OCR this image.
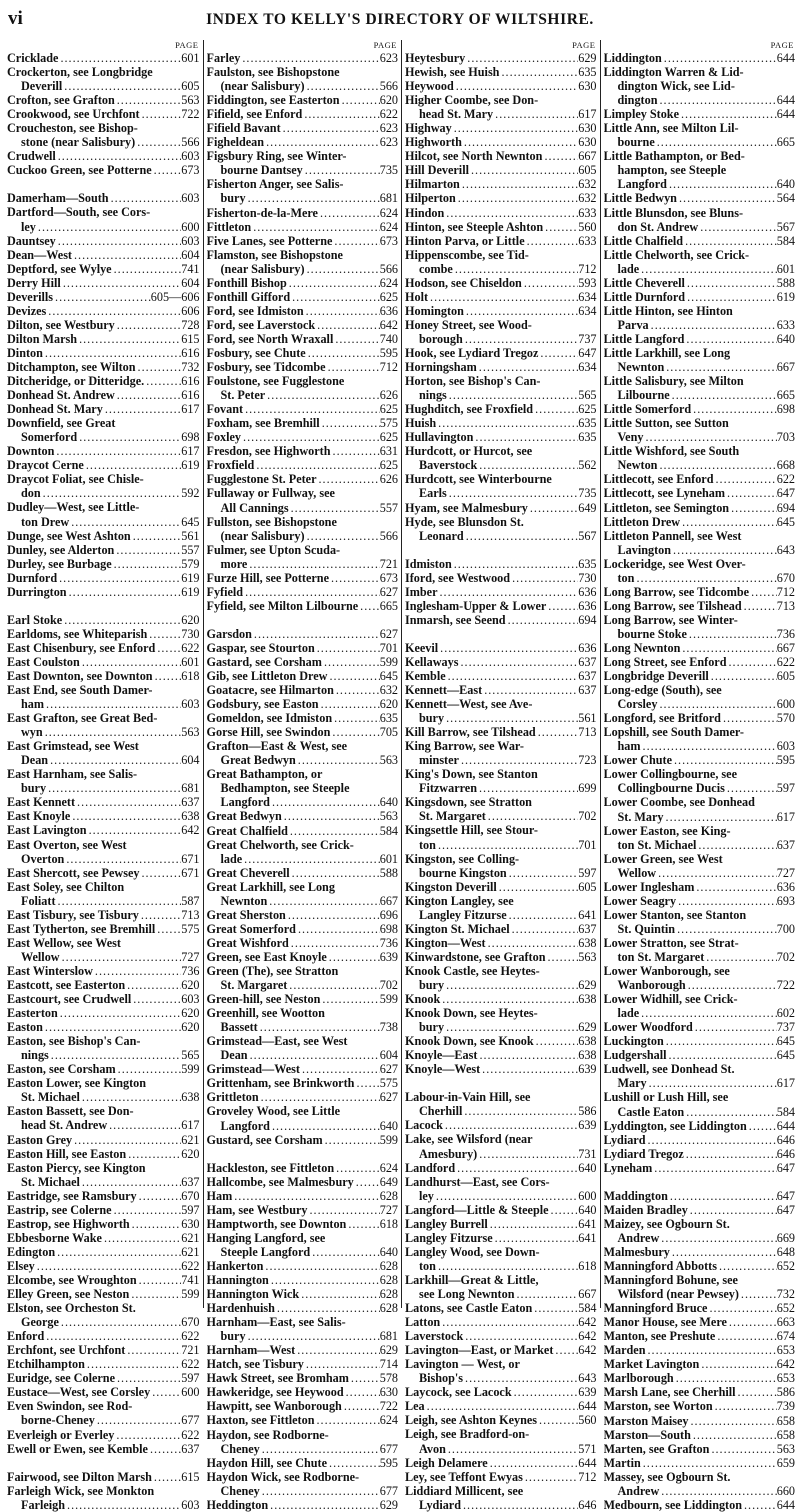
vi	INDEX TO KELLY'S DIRECTORY OF WILTSHIRE.
PAGE
Cricklade .....	601
Crockerton, see Longbridge
Deverill .....	605
Crofton, see Grafton .....	563
Crookwood, see Urchfont .....	722
Croucheston, see Bishop-
stone (near Salisbury) .....	566
Crudwell .....	603
Cuckoo Green, see Potterne ..... 673
Damerham—South .....	603
Dartford—South, see Cors-
ley .....	600
Dauntsey .....	603
Dean—West .....	604
Deptford, see Wylye .....	741
Derry Hill .....	604
Deverills .....	605—606
Devizes .....	606
Dilton, see Westbury .....	728
Dilton Marsh .....	615
Dinton .....	616
Ditchampton, see Wilton .....	732
Ditcheridge, or Ditteridge. .....	616
Donhead St. Andrew .....	616
Donhead St. Mary .....	617
Downfield, see Great
Somerford .....	698
Downton .....	617
Draycot Cerne .....	619
Draycot Foliat, see Chisle-
don .....	592
Dudley—West, see Little-
ton Drew .....	645
Dunge, see West Ashton .....	561
Dunley, see Alderton .....	557
Durley, see Burbage .....	579
Durnford .....	619
Durrington .....	619
Earl Stoke .....	620
Earldoms, see Whiteparish .....	730
East Chisenbury, see Enford ..... 622
East Coulston .....	601
East Downton, see Downton ..... 618
East End, see South Damer-
ham .....	603
East Grafton, see Great Bed-
wyn .....	563
East Grimstead, see West
Dean .....	604
East Harnham, see Salis-
bury .....	681
East Kennett .....	637
East Knoyle .....	638
East Lavington .....	642
East Overton, see West
Overton .....	671
East Shercott, see Pewsey .....	671
East Soley, see Chilton
Foliatt .....	587
East Tisbury, see Tisbury .....	713
East Tytherton, see Bremhill ..... 575
East Wellow, see West
Wellow .....	727
East Winterslow .....	736
Eastcott, see Easterton .....	620
Eastcourt, see Crudwell .....	603
Easterton .....	620
Easton .....	620
Easton, see Bishop's Can-
nings .....	565
Easton, see Corsham .....	599
Easton Lower, see Kington
St. Michael .....	638
Easton Bassett, see Don-
head St. Andrew .....	617
Easton Grey .....	621
Easton Hill, see Easton .....	620
Easton Piercy, see Kington
St. Michael .....	637
Eastridge, see Ramsbury .....	670
Eastrip, see Colerne .....	597
Eastrop, see Highworth .....	630
Ebbesborne Wake .....	621
Edington .....	621
Elsey .....	622
Elcombe, see Wroughton .....	741
Elley Green, see Neston .....	599
Elston, see Orcheston St.
George .....	670
Enford .....	622
Erchfont, see Urchfont .....	721
Etchilhampton .....	622
Euridge, see Colerne .....	597
Eustace—West, see Corsley .....	600
Even Swindon, see Rod-
borne-Cheney .....	677
Everleigh or Everley .....	622
Ewell or Ewen, see Kemble .....	637
Fairwood, see Dilton Marsh ..... 615
Farleigh Wick, see Monkton
Farleigh .....	603
PAGE
Farley .....	623
Faulston, see Bishopstone
(near Salisbury) .....	566
Fiddington, see Easterton .....	620
Fifield, see Enford .....	622
Fifield Bavant .....	623
Figheldean .....	623
Figsbury Ring, see Winter-
bourne Dantsey .....	735
Fisherton Anger, see Salis-
bury .....	681
Fisherton-de-la-Mere .....	624
Fittleton .....	624
Five Lanes, see Potterne .....	673
Flamston, see Bishopstone
(near Salisbury) .....	566
Fonthill Bishop .....	624
Fonthill Gifford .....	625
Ford, see Idmiston .....	636
Ford, see Laverstock .....	642
Ford, see North Wraxall .....	740
Fosbury, see Chute .....	595
Fosbury, see Tidcombe .....	712
Foulstone, see Fugglestone
St. Peter .....	626
Fovant .....	625
Foxham, see Bremhill .....	575
Foxley .....	625
Fresdon, see Highworth .....	631
Froxfield .....	625
Fugglestone St. Peter .....	626
Fullaway or Fullway, see
All Cannings .....	557
Fullston, see Bishopstone
(near Salisbury) .....	566
Fulmer, see Upton Scuda-
more .....	721
Furze Hill, see Potterne .....	673
Fyfield .....	627
Fyfield, see Milton Lilbourne ..... 665
Garsdon .....	627
Gaspar, see Stourton .....	701
Gastard, see Corsham .....	599
Gib, see Littleton Drew .....	645
Goatacre, see Hilmarton .....	632
Godsbury, see Easton .....	620
Gomeldon, see Idmiston .....	635
Gorse Hill, see Swindon .....	705
Grafton—East & West, see
Great Bedwyn .....	563
Great Bathampton, or
Bedhampton, see Steeple
Langford .....	640
Great Bedwyn .....	563
Great Chalfield .....	584
Great Chelworth, see Crick-
lade .....	601
Great Cheverell .....	588
Great Larkhill, see Long
Newnton .....	667
Great Sherston .....	696
Great Somerford .....	698
Great Wishford .....	736
Green, see East Knoyle .....	639
Green (The), see Stratton
St. Margaret .....	702
Green-hill, see Neston .....	599
Greenhill, see Wootton
Bassett .....	738
Grimstead—East, see West
Dean .....	604
Grimstead—West .....	627
Grittenham, see Brinkworth ..... 575
Grittleton .....	627
Groveley Wood, see Little
Langford .....	640
Gustard, see Corsham .....	599
Hackleston, see Fittleton .....	624
Hallcombe, see Malmesbury ..... 649
Ham .....	628
Ham, see Westbury .....	727
Hamptworth, see Downton .....	618
Hanging Langford, see
Steeple Langford .....	640
Hankerton .....	628
Hannington .....	628
Hannington Wick .....	628
Hardenhuish .....	628
Harnham—East, see Salis-
bury .....	681
Harnham—West .....	629
Hatch, see Tisbury .....	714
Hawk Street, see Bromham .....	578
Hawkeridge, see Heywood .....	630
Hawpitt, see Wanborough .....	722
Haxton, see Fittleton .....	624
Haydon, see Rodborne-
Cheney .....	677
Haydon Hill, see Chute .....	595
Haydon Wick, see Rodborne-
Cheney .....	677
Heddington .....	629
PAGE
Heytesbury .....	629
Hewish, see Huish .....	635
Heywood .....	630
Higher Coombe, see Don-
head St. Mary .....	617
Highway .....	630
Highworth .....	630
Hilcot, see North Newnton .....	667
Hill Deverill .....	605
Hilmarton .....	632
Hilperton .....	632
Hindon .....	633
Hinton, see Steeple Ashton .....	560
Hinton Parva, or Little .....	633
Hippenscombe, see Tid-
combe .....	712
Hodson, see Chiseldon .....	593
Holt .....	634
Homington .....	634
Honey Street, see Wood-
borough .....	737
Hook, see Lydiard Tregoz .....	647
Horningsham .....	634
Horton, see Bishop's Can-
nings .....	565
Hughditch, see Froxfield .....	625
Huish .....	635
Hullavington .....	635
Hurdcott, or Hurcot, see
Baverstock .....	562
Hurdcott, see Winterbourne
Earls .....	735
Hyam, see Malmesbury .....	649
Hyde, see Blunsdon St.
Leonard .....	567
Idmiston .....	635
Iford, see Westwood .....	730
Imber .....	636
Inglesham-Upper & Lower .....	636
Inmarsh, see Seend .....	694
Keevil .....	636
Kellaways .....	637
Kemble .....	637
Kennett—East .....	637
Kennett—West, see Ave-
bury .....	561
Kill Barrow, see Tilshead .....	713
King Barrow, see War-
minster .....	723
King's Down, see Stanton
Fitzwarren .....	699
Kingsdown, see Stratton
St. Margaret .....	702
Kingsettle Hill, see Stour-
ton .....	701
Kingston, see Colling-
bourne Kingston .....	597
Kingston Deverill .....	605
Kington Langley, see
Langley Fitzurse .....	641
Kington St. Michael .....	637
Kington—West .....	638
Kinwardstone, see Grafton .....	563
Knook Castle, see Heytes-
bury .....	629
Knook .....	638
Knook Down, see Heytes-
bury .....	629
Knook Down, see Knook .....	638
Knoyle—East .....	638
Knoyle—West .....	639
Labour-in-Vain Hill, see
Cherhill .....	586
Lacock .....	639
Lake, see Wilsford (near
Amesbury) .....	731
Landford .....	640
Landhurst—East, see Cors-
ley .....	600
Langford—Little & Steeple ..... 640
Langley Burrell .....	641
Langley Fitzurse .....	641
Langley Wood, see Down-
ton .....	618
Larkhill—Great & Little,
see Long Newnton .....	667
Latons, see Castle Eaton .....	584
Latton .....	642
Laverstock .....	642
Lavington—East, or Market ..... 642
Lavington — West, or
Bishop's .....	643
Laycock, see Lacock .....	639
Lea .....	644
Leigh, see Ashton Keynes .....	560
Leigh, see Bradford-on-
Avon .....	571
Leigh Delamere .....	644
Ley, see Teffont Ewyas .....	712
Liddiard Millicent, see
Lydiard .....	646
PAGE
Liddington .....	644
Liddington Warren & Lid-
dington Wick, see Lid-
dington .....	644
Limpley Stoke .....	644
Little Ann, see Milton Lil-
bourne .....	665
Little Bathampton, or Bed-
hampton, see Steeple
Langford .....	640
Little Bedwyn .....	564
Little Blunsdon, see Bluns-
don St. Andrew .....	567
Little Chalfield .....	584
Little Chelworth, see Crick-
lade .....	601
Little Cheverell .....	588
Little Durnford .....	619
Little Hinton, see Hinton
Parva .....	633
Little Langford .....	640
Little Larkhill, see Long
Newnton .....	667
Little Salisbury, see Milton
Lilbourne .....	665
Little Somerford .....	698
Little Sutton, see Sutton
Veny .....	703
Little Wishford, see South
Newton .....	668
Littlecott, see Enford .....	622
Littlecott, see Lyneham .....	647
Littleton, see Semington .....	694
Littleton Drew .....	645
Littleton Pannell, see West
Lavington .....	643
Lockeridge, see West Over-
ton .....	670
Long Barrow, see Tidcombe ..... 712
Long Barrow, see Tilshead .....	713
Long Barrow, see Winter-
bourne Stoke .....	736
Long Newnton .....	667
Long Street, see Enford .....	622
Longbridge Deverill .....	605
Long-edge (South), see
Corsley .....	600
Longford, see Britford .....	570
Lopshill, see South Damer-
ham .....	603
Lower Chute .....	595
Lower Collingbourne, see
Collingbourne Ducis .....	597
Lower Coombe, see Donhead
St. Mary .....	617
Lower Easton, see King-
ton St. Michael .....	637
Lower Green, see West
Wellow .....	727
Lower Inglesham .....	636
Lower Seagry .....	693
Lower Stanton, see Stanton
St. Quintin .....	700
Lower Stratton, see Strat-
ton St. Margaret .....	702
Lower Wanborough, see
Wanborough .....	722
Lower Widhill, see Crick-
lade .....	602
Lower Woodford .....	737
Luckington .....	645
Ludgershall .....	645
Ludwell, see Donhead St.
Mary .....	617
Lushill or Lush Hill, see
Castle Eaton .....	584
Lyddington, see Liddington ..... 644
Lydiard .....	646
Lydiard Tregoz .....	646
Lyneham .....	647
Maddington .....	647
Maiden Bradley .....	647
Maizey, see Ogbourn St.
Andrew .....	669
Malmesbury .....	648
Manningford Abbotts .....	652
Manningford Bohune, see
Wilsford (near Pewsey) .....	732
Manningford Bruce .....	652
Manor House, see Mere .....	663
Manton, see Preshute .....	674
Marden .....	653
Market Lavington .....	642
Marlborough .....	653
Marsh Lane, see Cherhill .....	586
Marston, see Worton .....	739
Marston Maisey .....	658
Marston—South .....	658
Marten, see Grafton .....	563
Martin .....	659
Massey, see Ogbourn St.
Andrew .....	660
Medbourn, see Liddington .....	644
